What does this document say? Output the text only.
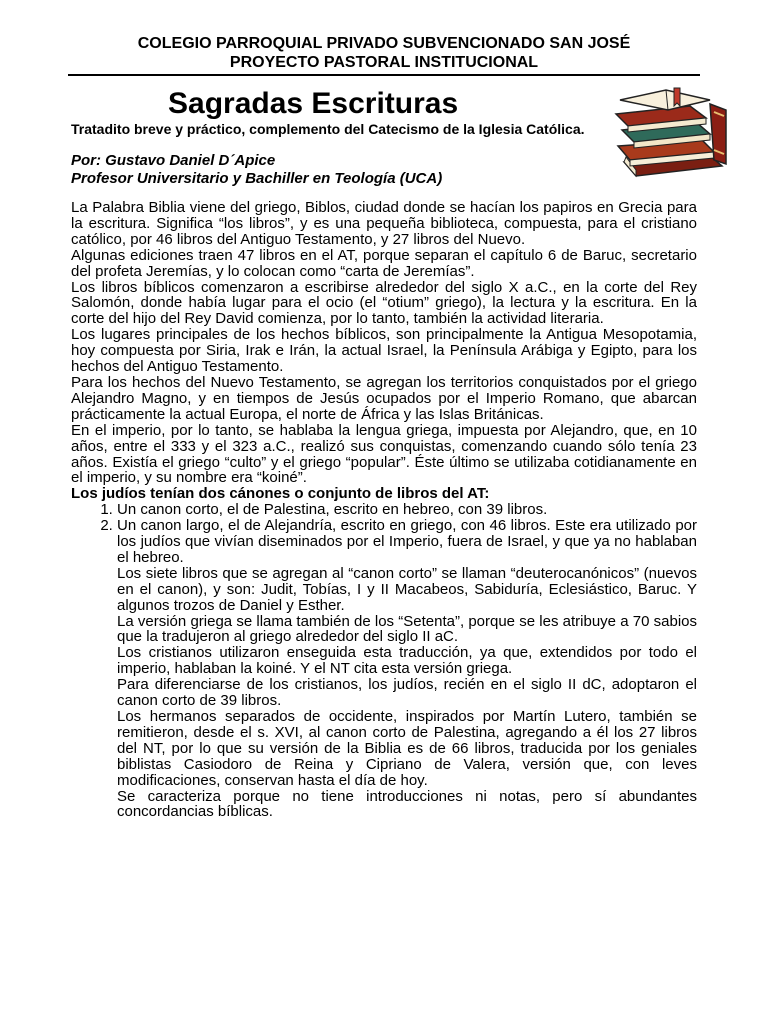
COLEGIO PARROQUIAL PRIVADO SUBVENCIONADO SAN JOSÉ
PROYECTO PASTORAL INSTITUCIONAL
Sagradas Escrituras
Tratadito breve y práctico, complemento del Catecismo de la Iglesia Católica.
Por: Gustavo Daniel D´Apice
Profesor Universitario y Bachiller en Teología (UCA)

La Palabra Biblia viene del griego, Biblos, ciudad donde se hacían los papiros en Grecia para la escritura. Significa “los libros”, y es una pequeña biblioteca, compuesta, para el cristiano católico, por 46 libros del Antiguo Testamento, y 27 libros del Nuevo.

Algunas ediciones traen 47 libros en el AT, porque separan el capítulo 6 de Baruc, secretario del profeta Jeremías, y lo colocan como “carta de Jeremías”.

Los libros bíblicos comenzaron a escribirse alrededor del siglo X a.C., en la corte del Rey Salomón, donde había lugar para el ocio (el “otium” griego), la lectura y la escritura. En la corte del hijo del Rey David comienza, por lo tanto, también la actividad literaria.

Los lugares principales de los hechos bíblicos, son principalmente la Antigua Mesopotamia, hoy compuesta por Siria, Irak e Irán, la actual Israel, la Península Arábiga y Egipto, para los hechos del Antiguo Testamento.

Para los hechos del Nuevo Testamento, se agregan los territorios conquistados por el griego Alejandro Magno, y en tiempos de Jesús ocupados por el Imperio Romano, que abarcan prácticamente la actual Europa, el norte de África y las Islas Británicas.

En el imperio, por lo tanto, se hablaba la lengua griega, impuesta por Alejandro, que, en 10 años, entre el 333 y el 323 a.C., realizó sus conquistas, comenzando cuando sólo tenía 23 años. Existía el griego “culto” y el griego “popular”. Éste último se utilizaba cotidianamente en el imperio, y su nombre era “koiné”.

Los judíos tenían dos cánones o conjunto de libros del AT:

1. Un canon corto, el de Palestina, escrito en hebreo, con 39 libros.

2. Un canon largo, el de Alejandría, escrito en griego, con 46 libros. Este era utilizado por los judíos que vivían diseminados por el Imperio, fuera de Israel, y que ya no hablaban el hebreo.

Los siete libros que se agregan al “canon corto” se llaman “deuterocanónicos” (nuevos en el canon), y son: Judit, Tobías, I y II Macabeos, Sabiduría, Eclesiástico, Baruc. Y algunos trozos de Daniel y Esther.

La versión griega se llama también de los “Setenta”, porque se les atribuye a 70 sabios que la tradujeron al griego alrededor del siglo II aC.

Los cristianos utilizaron enseguida esta traducción, ya que, extendidos por todo el imperio, hablaban la koiné. Y el NT cita esta versión griega.

Para diferenciarse de los cristianos, los judíos, recién en el siglo II dC, adoptaron el canon corto de 39 libros.

Los hermanos separados de occidente, inspirados por Martín Lutero, también se remitieron, desde el s. XVI, al canon corto de Palestina, agregando a él los 27 libros del NT, por lo que su versión de la Biblia es de 66 libros, traducida por los geniales biblistas Casiodoro de Reina y Cipriano de Valera, versión que, con leves modificaciones, conservan hasta el día de hoy.

Se caracteriza porque no tiene introducciones ni notas, pero sí abundantes concordancias bíblicas.
